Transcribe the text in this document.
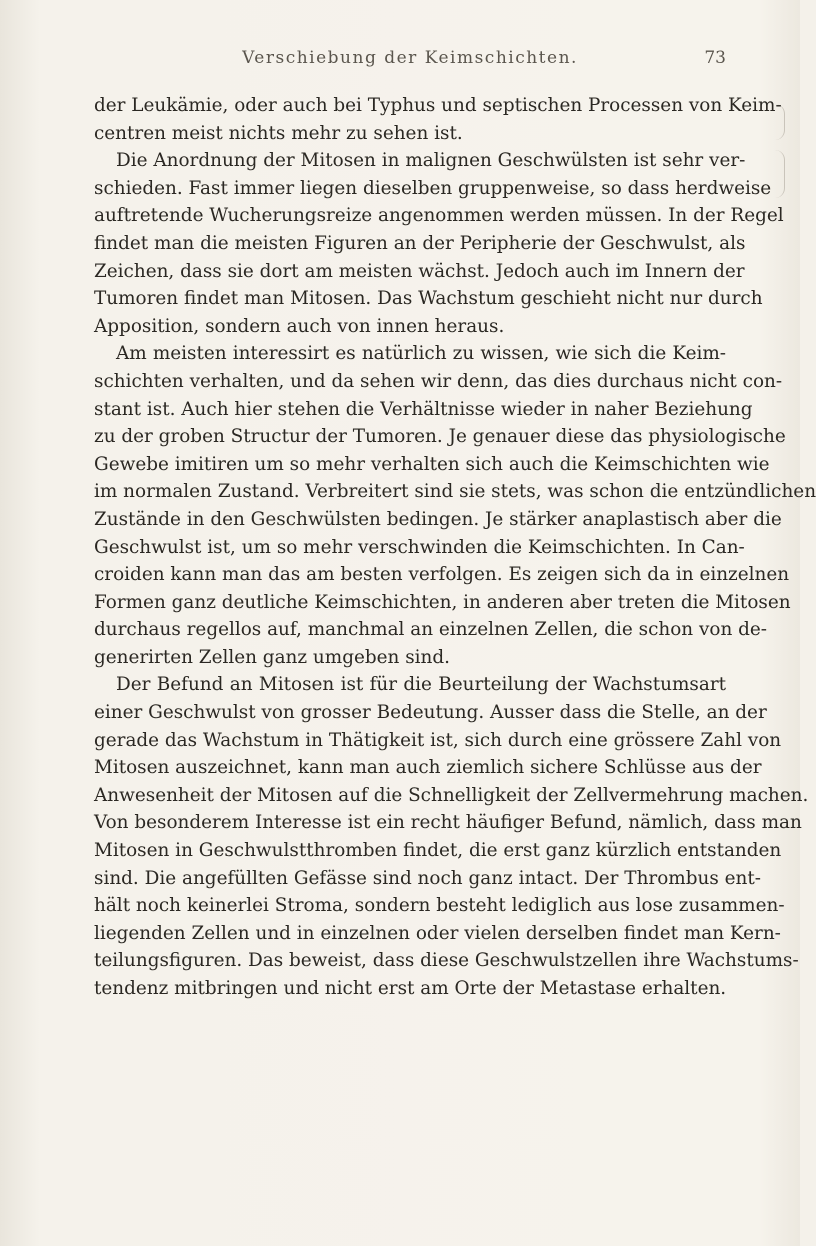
Verschiebung der Keimschichten.	73
der Leukämie, oder auch bei Typhus und septischen Processen von Keim-
centren meist nichts mehr zu sehen ist.
Die Anordnung der Mitosen in malignen Geschwülsten ist sehr ver-
schieden. Fast immer liegen dieselben gruppenweise, so dass herdweise
auftretende Wucherungsreize angenommen werden müssen. In der Regel
findet man die meisten Figuren an der Peripherie der Geschwulst, als
Zeichen, dass sie dort am meisten wächst. Jedoch auch im Innern der
Tumoren findet man Mitosen. Das Wachstum geschieht nicht nur durch
Apposition, sondern auch von innen heraus.
Am meisten interessirt es natürlich zu wissen, wie sich die Keim-
schichten verhalten, und da sehen wir denn, das dies durchaus nicht con-
stant ist. Auch hier stehen die Verhältnisse wieder in naher Beziehung
zu der groben Structur der Tumoren. Je genauer diese das physiologische
Gewebe imitiren um so mehr verhalten sich auch die Keimschichten wie
im normalen Zustand. Verbreitert sind sie stets, was schon die entzündlichen
Zustände in den Geschwülsten bedingen. Je stärker anaplastisch aber die
Geschwulst ist, um so mehr verschwinden die Keimschichten. In Can-
croiden kann man das am besten verfolgen. Es zeigen sich da in einzelnen
Formen ganz deutliche Keimschichten, in anderen aber treten die Mitosen
durchaus regellos auf, manchmal an einzelnen Zellen, die schon von de-
generirten Zellen ganz umgeben sind.
Der Befund an Mitosen ist für die Beurteilung der Wachstumsart
einer Geschwulst von grosser Bedeutung. Ausser dass die Stelle, an der
gerade das Wachstum in Thätigkeit ist, sich durch eine grössere Zahl von
Mitosen auszeichnet, kann man auch ziemlich sichere Schlüsse aus der
Anwesenheit der Mitosen auf die Schnelligkeit der Zellvermehrung machen.
Von besonderem Interesse ist ein recht häufiger Befund, nämlich, dass man
Mitosen in Geschwulstthromben findet, die erst ganz kürzlich entstanden
sind. Die angefüllten Gefässe sind noch ganz intact. Der Thrombus ent-
hält noch keinerlei Stroma, sondern besteht lediglich aus lose zusammen-
liegenden Zellen und in einzelnen oder vielen derselben findet man Kern-
teilungsfiguren. Das beweist, dass diese Geschwulstzellen ihre Wachstums-
tendenz mitbringen und nicht erst am Orte der Metastase erhalten.
